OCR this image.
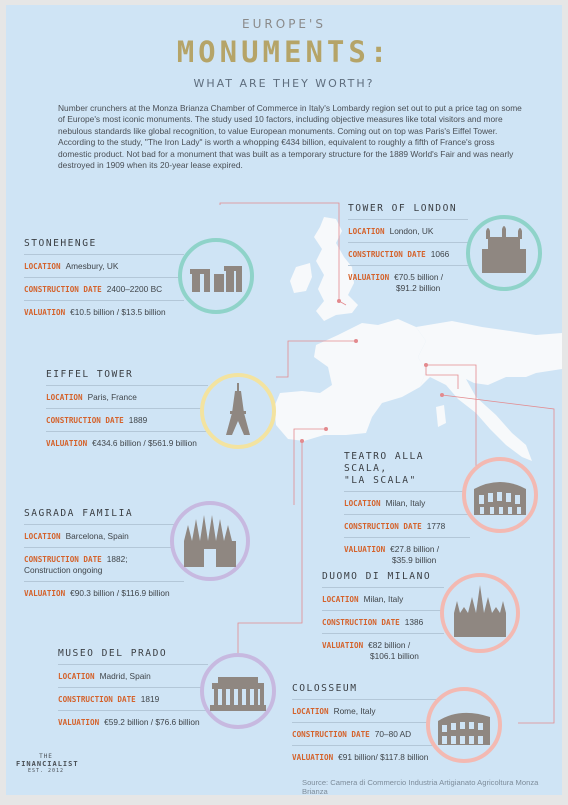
EUROPE'S
MONUMENTS:
WHAT ARE THEY WORTH?
Number crunchers at the Monza Brianza Chamber of Commerce in Italy's Lombardy region set out to put a price tag on some of Europe's most iconic monuments. The study used 10 factors, including objective measures like total visitors and more nebulous standards like global recognition, to value European monuments. Coming out on top was Paris's Eiffel Tower. According to the study, "The Iron Lady" is worth a whopping €434 billion, equivalent to roughly a fifth of France's gross domestic product. Not bad for a monument that was built as a temporary structure for the 1889 World's Fair and was nearly destroyed in 1909 when its 20-year lease expired.
STONEHENGE
LOCATION Amesbury, UK
CONSTRUCTION DATE 2400–2200 BC
VALUATION €10.5 billion / $13.5 billion
TOWER OF LONDON
LOCATION London, UK
CONSTRUCTION DATE 1066
VALUATION €70.5 billion /
$91.2 billion
EIFFEL TOWER
LOCATION Paris, France
CONSTRUCTION DATE 1889
VALUATION €434.6 billion / $561.9 billion
TEATRO ALLA SCALA,
"LA SCALA"
LOCATION Milan, Italy
CONSTRUCTION DATE 1778
VALUATION €27.8 billion /
$35.9 billion
SAGRADA FAMILIA
LOCATION Barcelona, Spain
CONSTRUCTION DATE 1882;
Construction ongoing
VALUATION €90.3 billion / $116.9 billion
DUOMO DI MILANO
LOCATION Milan, Italy
CONSTRUCTION DATE 1386
VALUATION €82 billion /
$106.1 billion
MUSEO DEL PRADO
LOCATION Madrid, Spain
CONSTRUCTION DATE 1819
VALUATION €59.2 billion / $76.6 billion
COLOSSEUM
LOCATION Rome, Italy
CONSTRUCTION DATE 70–80 AD
VALUATION €91 billion/ $117.8 billion
THE
FINANCIALIST
EST. 2012
Source: Camera di Commercio Industria Artigianato Agricoltura Monza Brianza
